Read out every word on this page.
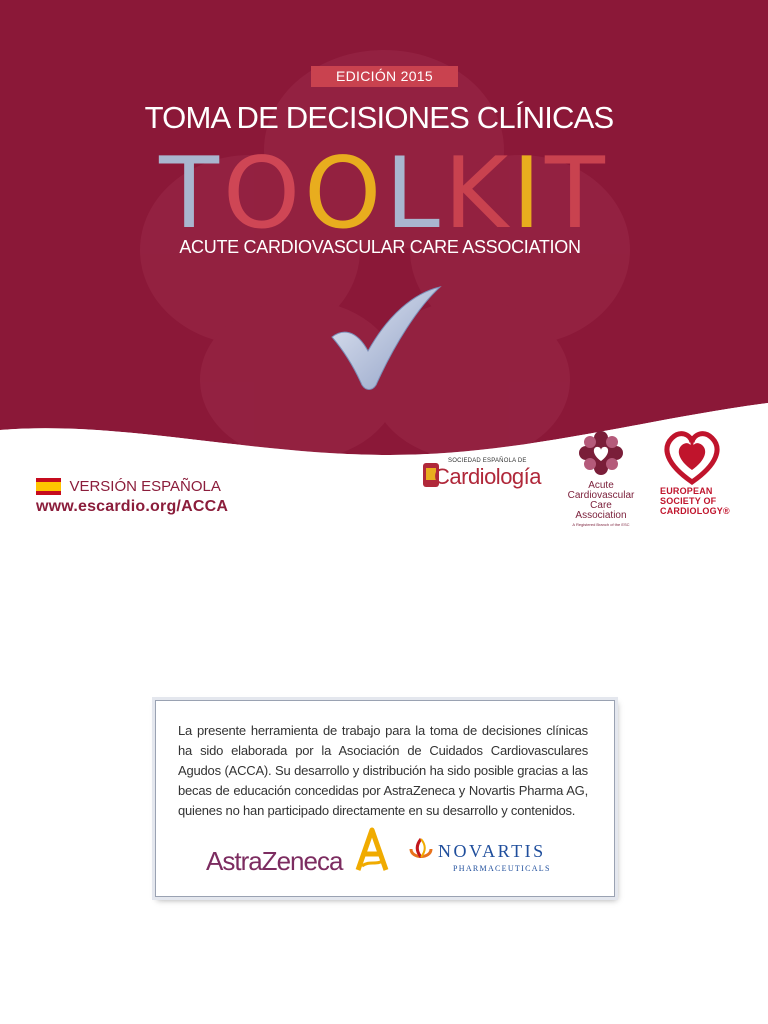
EDICIÓN 2015
TOMA DE DECISIONES CLÍNICAS
TOOLKIT
ACUTE CARDIOVASCULAR CARE ASSOCIATION
VERSIÓN ESPAÑOLA
www.escardio.org/ACCA
SOCIEDAD ESPAÑOLA DE
Cardiología	Acute
Cardiovascular
Care Association
A Registered Branch of the ESC
EUROPEAN
SOCIETY OF
CARDIOLOGY®

La presente herramienta de trabajo para la toma de decisiones clínicas ha sido elaborada por la Asociación de Cuidados Cardiovasculares Agudos (ACCA). Su desarrollo y distribución ha sido posible gracias a las becas de educación concedidas por AstraZeneca y Novartis Pharma AG, quienes no han participado directamente en su desarrollo y contenidos.

AstraZeneca	NOVARTIS
PHARMACEUTICALS
